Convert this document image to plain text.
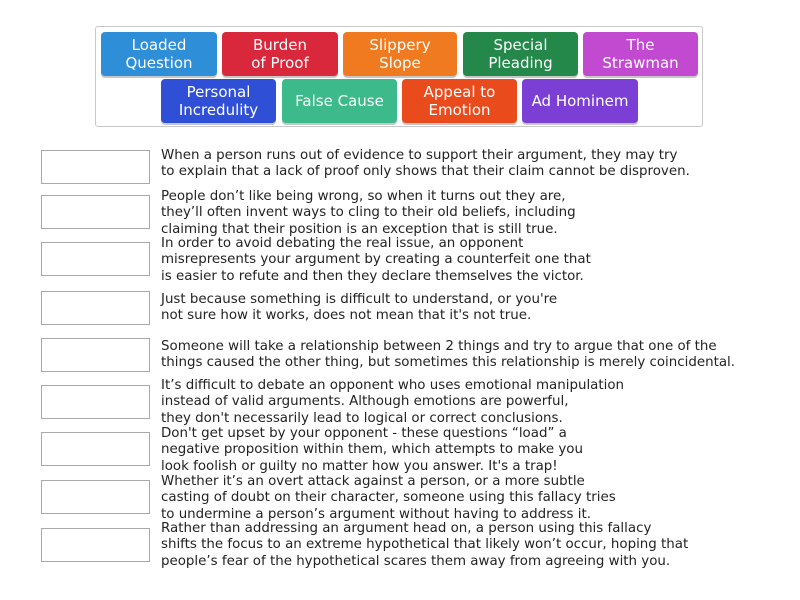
Loaded
Question
Burden
of Proof
Slippery
Slope
Special
Pleading
The Strawman
Personal
Incredulity	False Cause	Appeal to
Emotion	Ad Hominem
When a person runs out of evidence to support their argument, they may try
to explain that a lack of proof only shows that their claim cannot be disproven.
People don’t like being wrong, so when it turns out they are,
they’ll often invent ways to cling to their old beliefs, including
claiming that their position is an exception that is still true.
In order to avoid debating the real issue, an opponent
misrepresents your argument by creating a counterfeit one that
is easier to refute and then they declare themselves the victor.
Just because something is difficult to understand, or you're
not sure how it works, does not mean that it's not true.
Someone will take a relationship between 2 things and try to argue that one of the
things caused the other thing, but sometimes this relationship is merely coincidental.
It’s difficult to debate an opponent who uses emotional manipulation
instead of valid arguments. Although emotions are powerful,
they don't necessarily lead to logical or correct conclusions.
Don't get upset by your opponent - these questions “load” a
negative proposition within them, which attempts to make you
look foolish or guilty no matter how you answer. It's a trap!
Whether it’s an overt attack against a person, or a more subtle
casting of doubt on their character, someone using this fallacy tries
to undermine a person’s argument without having to address it.
Rather than addressing an argument head on, a person using this fallacy
shifts the focus to an extreme hypothetical that likely won’t occur, hoping that
people’s fear of the hypothetical scares them away from agreeing with you.
